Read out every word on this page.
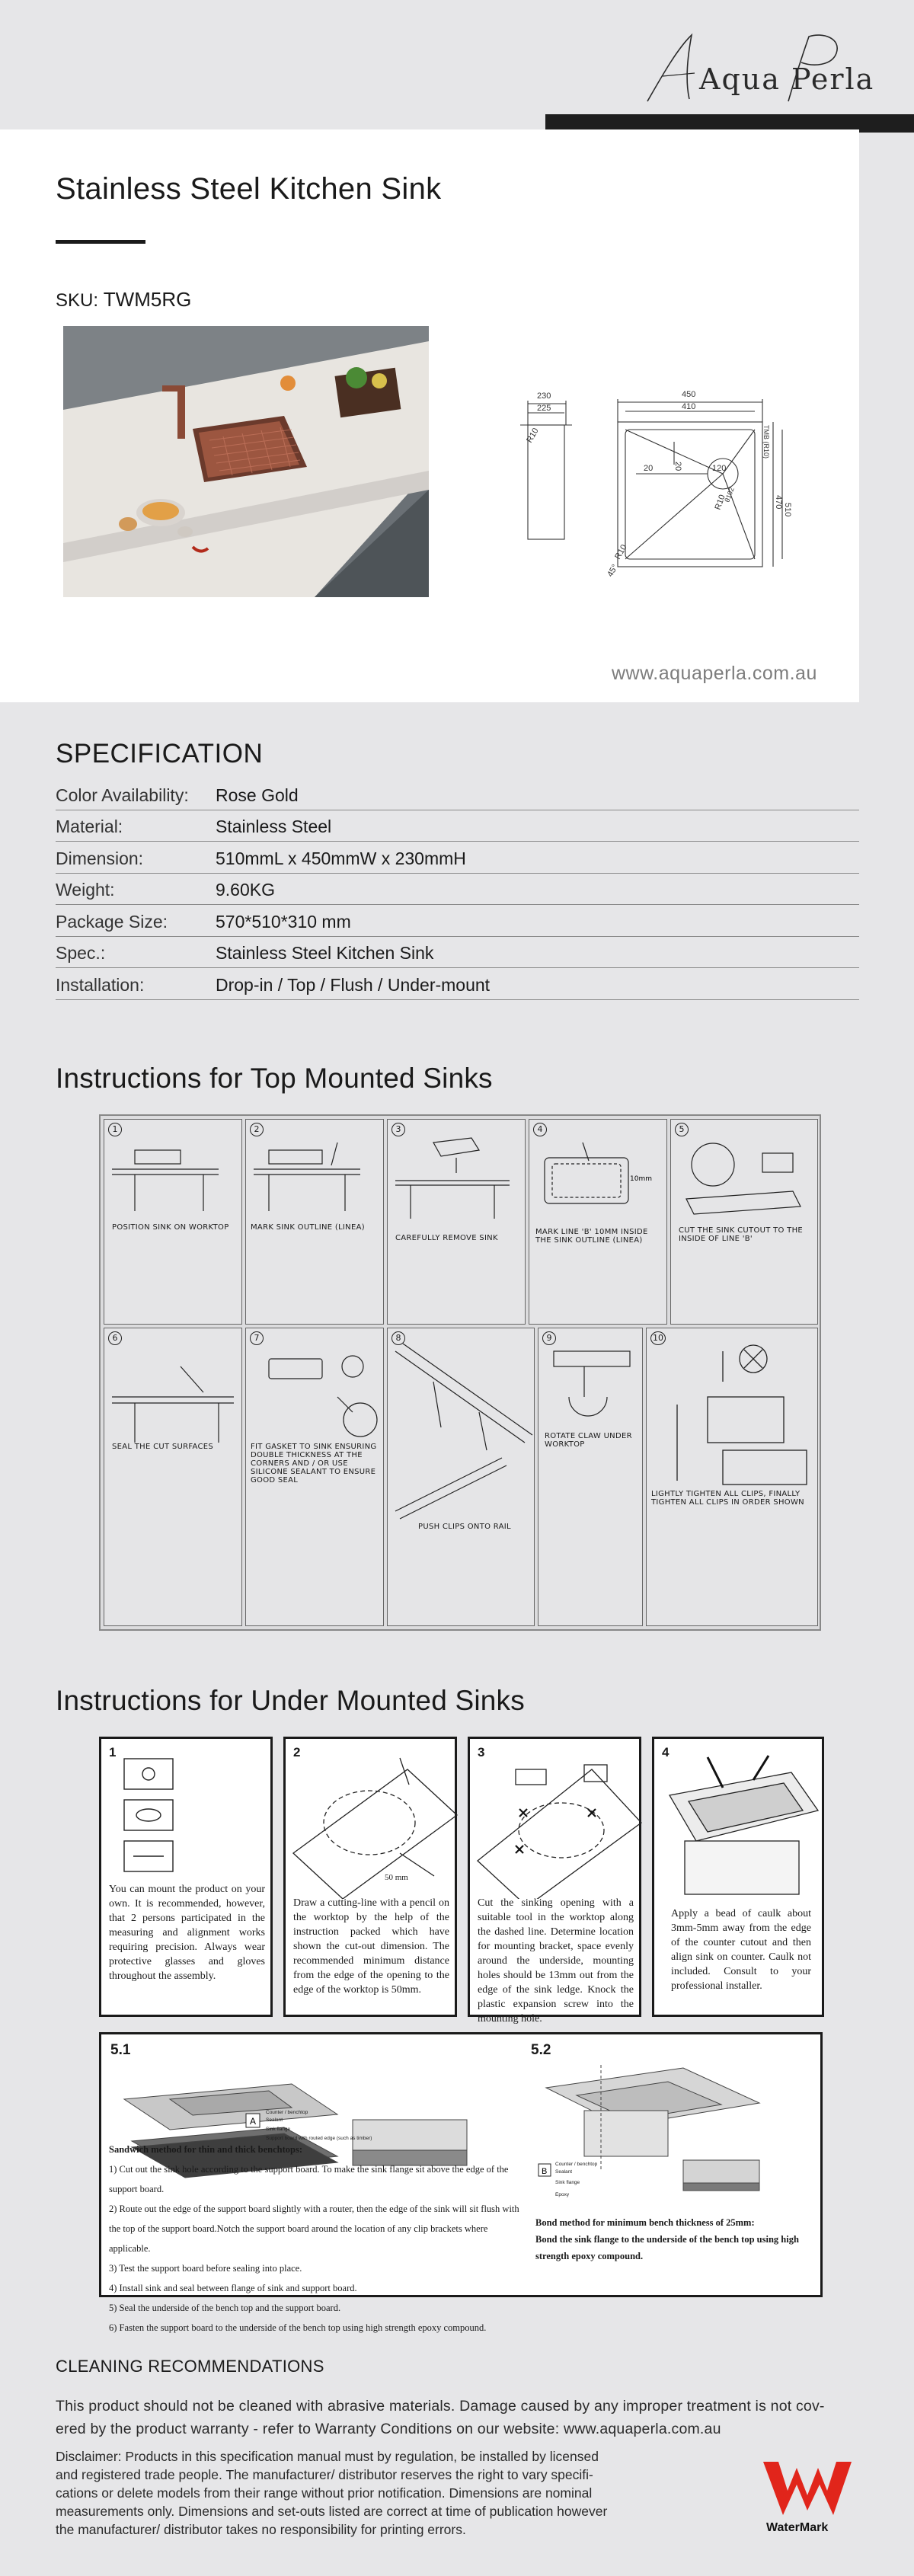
Aqua Perla
Stainless Steel Kitchen Sink
SKU: TWM5RG
230
225
450
410
510
470
20
20	120
R10
R10
R10
45°
TMB (R10)
θ102
www.aquaperla.com.au
SPECIFICATION
Color Availability:	Rose Gold
Material:	Stainless Steel
Dimension:	510mmL x 450mmW x 230mmH
Weight:	9.60KG
Package Size:	570*510*310 mm
Spec.:	Stainless Steel Kitchen Sink
Installation:	Drop-in / Top / Flush / Under-mount
Instructions for Top Mounted Sinks
1
POSITION SINK ON WORKTOP
2
MARK SINK OUTLINE (LINEA)
3
CAREFULLY REMOVE SINK
4
10mm
MARK LINE 'B' 10MM INSIDE THE SINK OUTLINE (LINEA)
5
CUT THE SINK CUTOUT TO THE INSIDE OF LINE 'B'
6
SEAL THE CUT SURFACES
7
FIT GASKET TO SINK ENSURING DOUBLE THICKNESS AT THE CORNERS AND / OR USE SILICONE SEALANT TO ENSURE GOOD SEAL
8
PUSH CLIPS ONTO RAIL
9
ROTATE CLAW UNDER WORKTOP
10
LIGHTLY TIGHTEN ALL CLIPS, FINALLY TIGHTEN ALL CLIPS IN ORDER SHOWN
Instructions for Under Mounted Sinks
1
You can mount the product on your own. It is recommended, however, that 2 persons participated in the measuring and alignment works requiring precision. Always wear protective glasses and gloves throughout the assembly.
2
50 mm
Draw a cutting-line with a pencil on the worktop by the help of the instruction packed which have shown the cut-out dimension. The recommended minimum distance from the edge of the opening to the edge of the worktop is 50mm.
3
Cut the sinking opening with a suitable tool in the worktop along the dashed line. Determine location for mounting bracket, space evenly around the underside, mounting holes should be 13mm out from the edge of the sink ledge. Knock the plastic expansion screw into the mounting hole.
4
Apply a bead of caulk about 3mm-5mm away from the edge of the counter cutout and then align sink on counter. Caulk not included. Consult to your professional installer.
5.1	5.2
A
Counter / benchtop
Sealant
Sink flange
Support board with routed edge (such as timber)
Sandwich method for thin and thick benchtops:
1) Cut out the sink hole according to the support board. To make the sink flange sit above the edge of the
support board.
2) Route out the edge of the support board slightly with a router, then the edge of the sink will sit flush with
the top of the support board.Notch the support board around the location of any clip brackets where applicable.
3) Test the support board before sealing into place.
4) Install sink and seal between flange of sink and support board.
5) Seal the underside of the bench top and the support board.
6) Fasten the support board to the underside of the bench top using high strength epoxy compound.
B
Counter / benchtop
Sealant
Sink flange
Epoxy
Bond method for minimum bench thickness of 25mm:
Bond the sink flange to the underside of the bench top using high
strength epoxy compound.
CLEANING RECOMMENDATIONS

This product should not be cleaned with abrasive materials. Damage caused by any improper treatment is not cov-

ered by the product warranty - refer to Warranty Conditions on our website: www.aquaperla.com.au

Disclaimer: Products in this specification manual must by regulation, be installed by licensed
and registered trade people. The manufacturer/ distributor reserves the right to vary specifi-
cations or delete models from their range without prior notification. Dimensions are nominal
measurements only. Dimensions and set-outs listed are correct at time of publication however
the manufacturer/ distributor takes no responsibility for printing errors.	WaterMark
